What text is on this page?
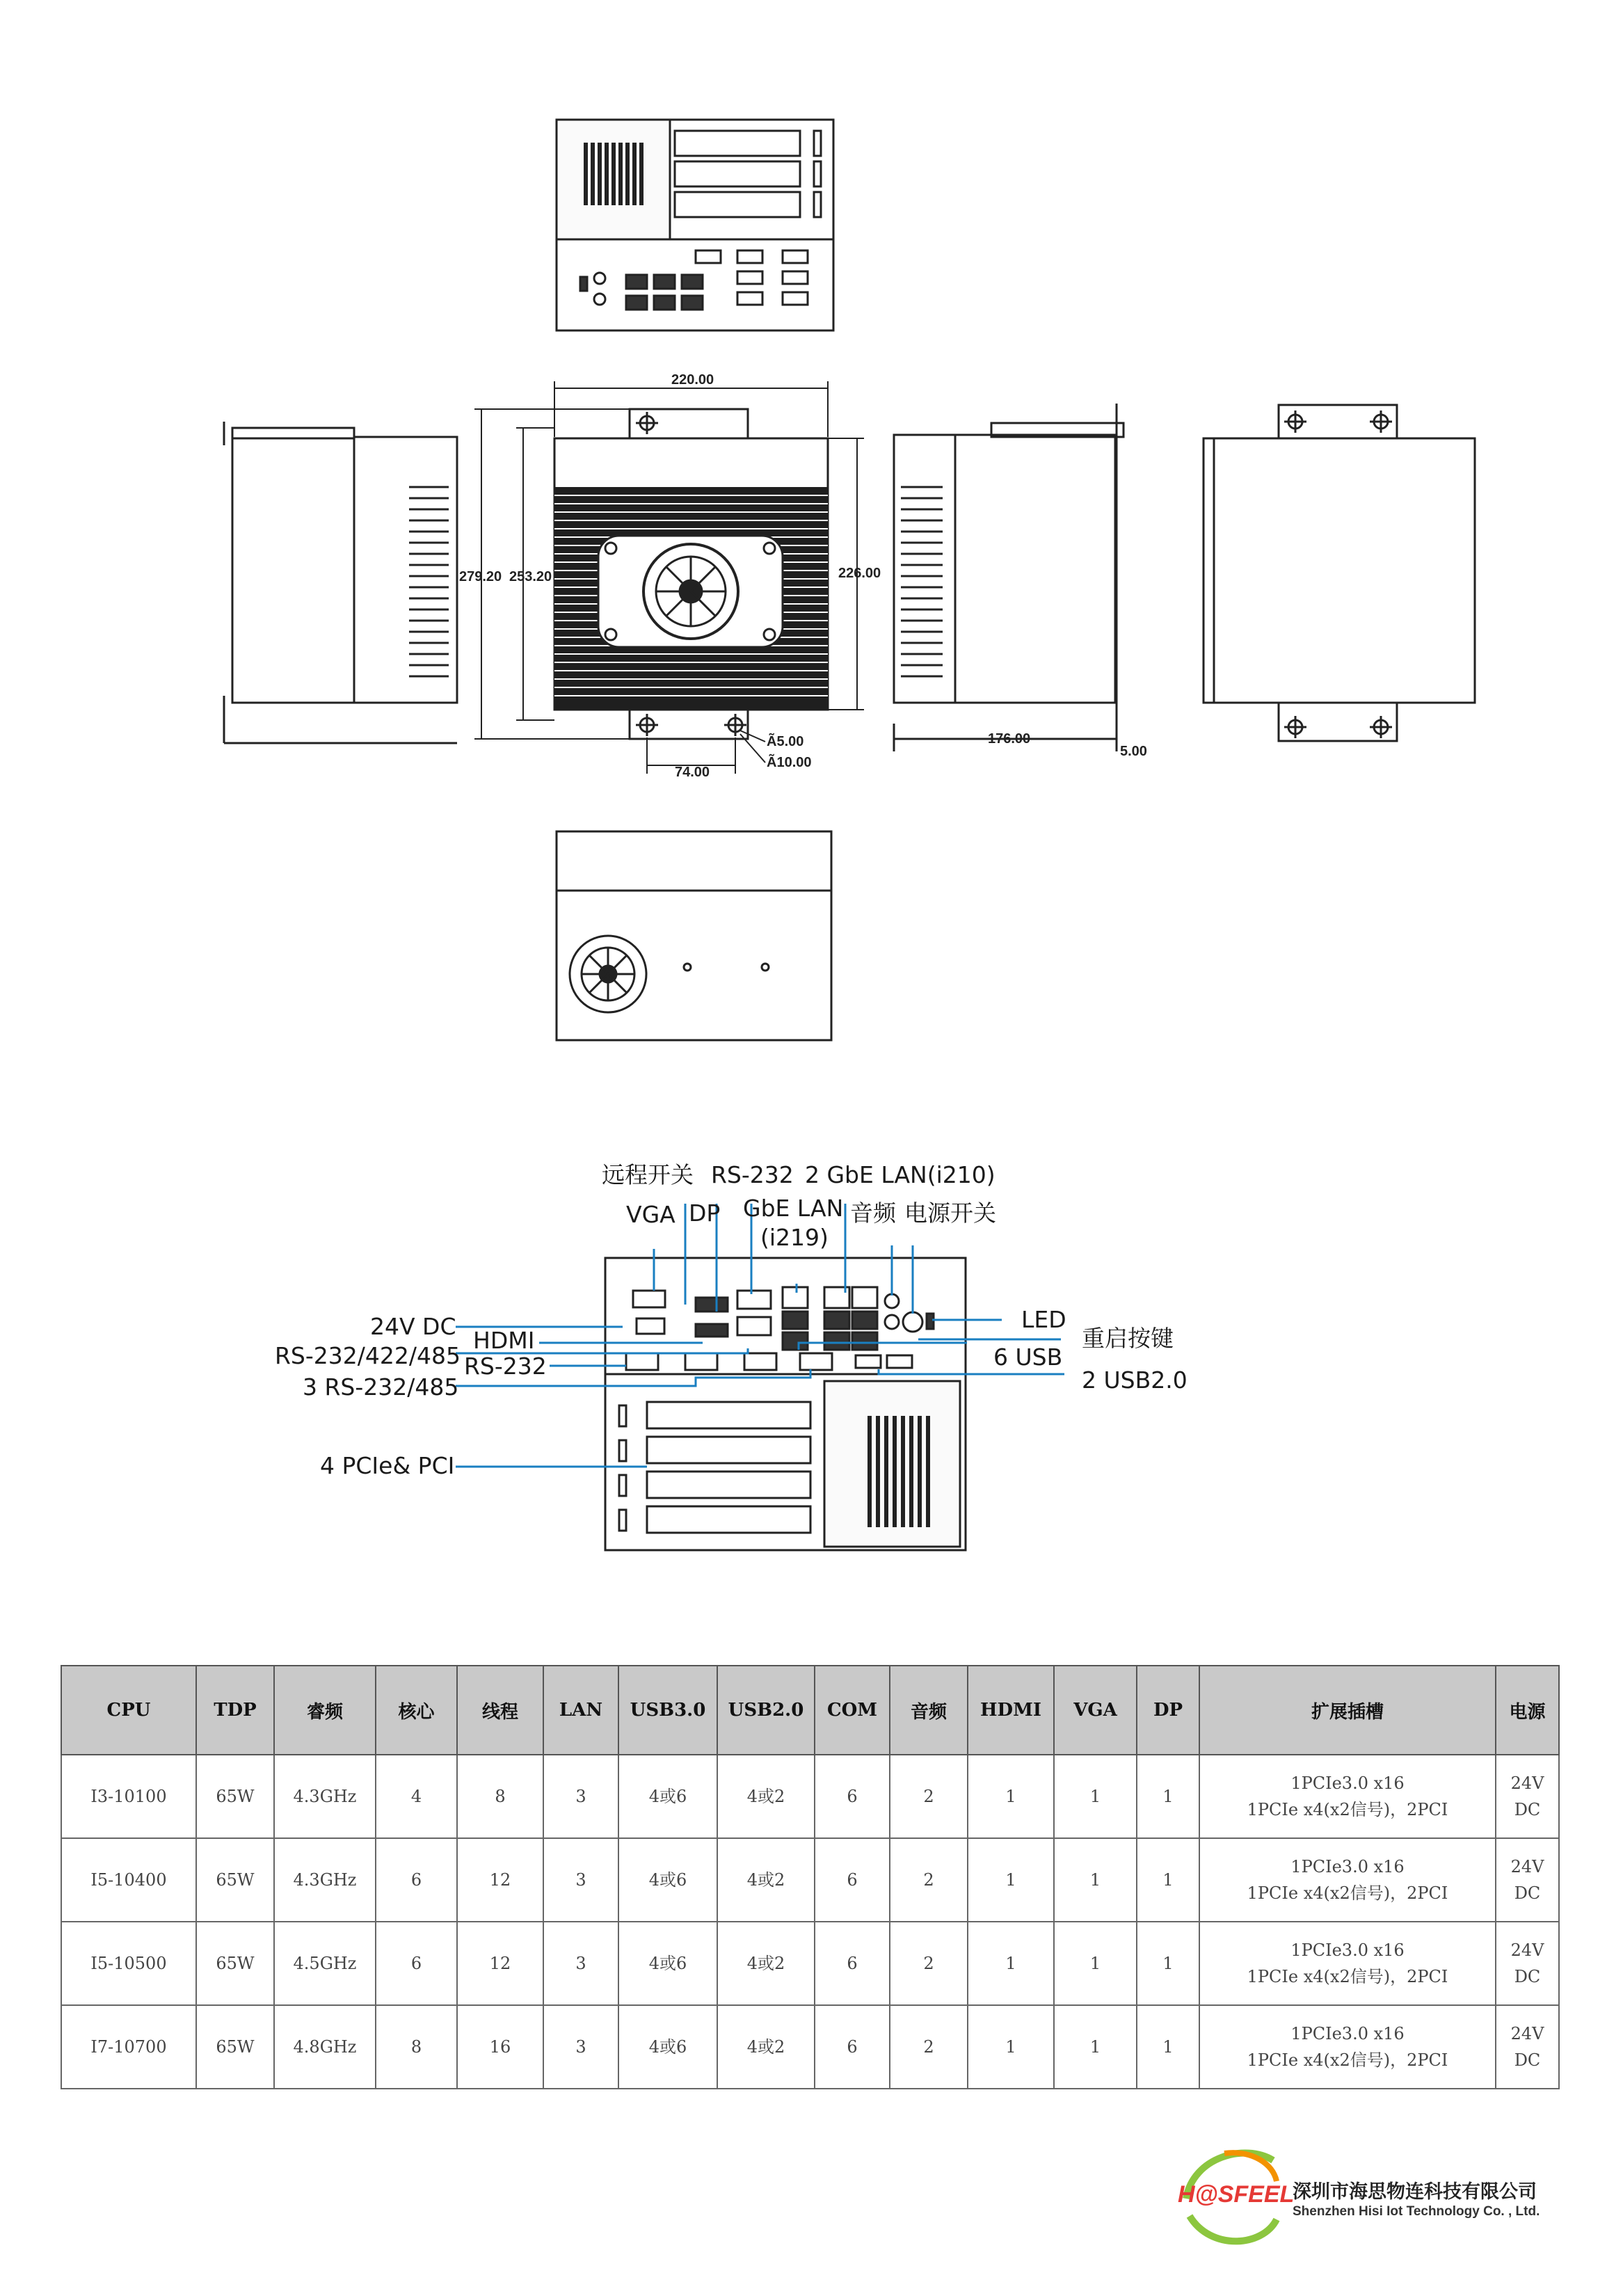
220.00
279.20 253.20	226.00
74.00
Ã5.00
Ã10.00
176.00
5.00
远程开关 RS-232 2 GbE LAN(i210)
VGA DP GbE LAN
(i219)
音频 电源开关
24V DC
HDMI
RS-232/422/485 RS-232
3 RS-232/485
4 PCIe& PCI
LED
重启按键
6 USB
2 USB2.0
CPU	TDP	睿频	核心	线程	LAN	USB3.0	USB2.0	COM	音频	HDMI	VGA	DP	扩展插槽	电源
I3-10100	65W	4.3GHz	4	8	3	4或6	4或2	6	2	1	1	1	1PCIe3.0 x16
1PCIe x4(x2信号)，2PCI	24V DC
I5-10400	65W	4.3GHz	6	12	3	4或6	4或2	6	2	1	1	1	1PCIe3.0 x16
1PCIe x4(x2信号)，2PCI	24V DC
I5-10500	65W	4.5GHz	6	12	3	4或6	4或2	6	2	1	1	1	1PCIe3.0 x16
1PCIe x4(x2信号)，2PCI	24V DC
I7-10700	65W	4.8GHz	8	16	3	4或6	4或2	6	2	1	1	1	1PCIe3.0 x16
1PCIe x4(x2信号)，2PCI	24V DC
H@SFEEL
深圳市海思物连科技有限公司
Shenzhen Hisi Iot Technology Co. , Ltd.
